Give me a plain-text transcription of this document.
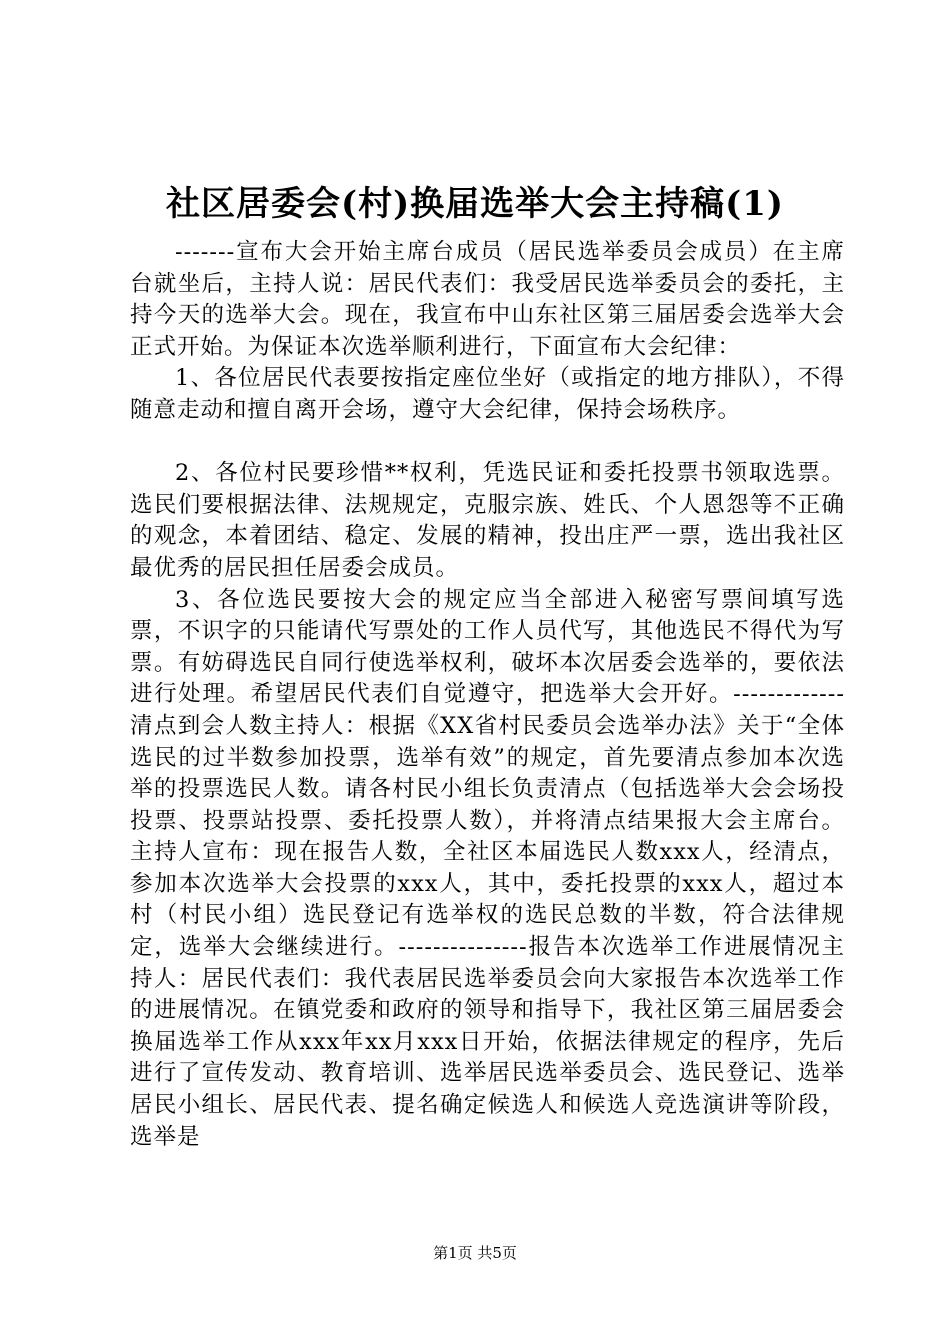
社区居委会(村)换届选举大会主持稿(1)

-------宣布大会开始主席台成员（居民选举委员会成员）在主席台就坐后，主持人说：居民代表们：我受居民选举委员会的委托，主持今天的选举大会。现在，我宣布中山东社区第三届居委会选举大会正式开始。为保证本次选举顺利进行，下面宣布大会纪律：

1、各位居民代表要按指定座位坐好（或指定的地方排队），不得随意走动和擅自离开会场，遵守大会纪律，保持会场秩序。

2、各位村民要珍惜**权利，凭选民证和委托投票书领取选票。选民们要根据法律、法规规定，克服宗族、姓氏、个人恩怨等不正确的观念，本着团结、稳定、发展的精神，投出庄严一票，选出我社区最优秀的居民担任居委会成员。

3、各位选民要按大会的规定应当全部进入秘密写票间填写选票，不识字的只能请代写票处的工作人员代写，其他选民不得代为写票。有妨碍选民自同行使选举权利，破坏本次居委会选举的，要依法进行处理。希望居民代表们自觉遵守，把选举大会开好。-------------清点到会人数主持人：根据《XX省村民委员会选举办法》关于“全体选民的过半数参加投票，选举有效”的规定，首先要清点参加本次选举的投票选民人数。请各村民小组长负责清点（包括选举大会会场投投票、投票站投票、委托投票人数），并将清点结果报大会主席台。主持人宣布：现在报告人数，全社区本届选民人数xxx人，经清点，参加本次选举大会投票的xxx人，其中，委托投票的xxx人，超过本村（村民小组）选民登记有选举权的选民总数的半数，符合法律规定，选举大会继续进行。---------------报告本次选举工作进展情况主持人：居民代表们：我代表居民选举委员会向大家报告本次选举工作的进展情况。在镇党委和政府的领导和指导下，我社区第三届居委会换届选举工作从xxx年xx月xxx日开始，依据法律规定的程序，先后进行了宣传发动、教育培训、选举居民选举委员会、选民登记、选举居民小组长、居民代表、提名确定候选人和候选人竞选演讲等阶段，选举是

第1页 共5页
